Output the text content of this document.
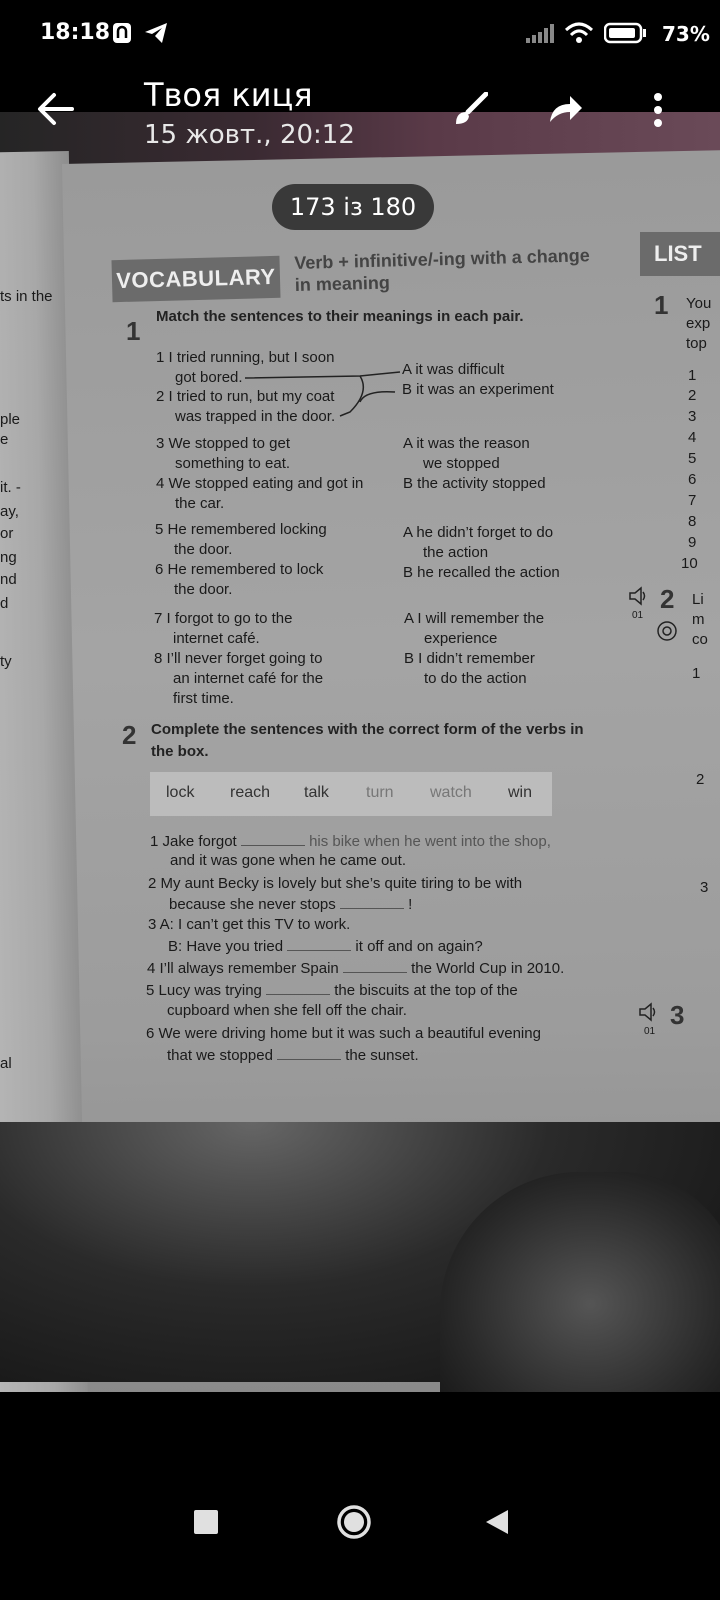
ts in the
ple
e
it. -
ay,
or
ng
nd
d
ty
al
VOCABULARY
Verb + infinitive/-ing with a change
in meaning
LIST
1 Match the sentences to their meanings in each pair.
1 I tried running, but I soon
got bored.
2 I tried to run, but my coat
was trapped in the door.
A it was difficult
B it was an experiment
3 We stopped to get
something to eat.
4 We stopped eating and got in
the car.
A it was the reason
we stopped
B the activity stopped
5 He remembered locking
the door.
6 He remembered to lock
the door.
A he didn’t forget to do
the action
B he recalled the action
7 I forgot to go to the
internet café.
8 I’ll never forget going to
an internet café for the
first time.
A I will remember the
experience
B I didn’t remember
to do the action
2 Complete the sentences with the correct form of the verbs in
the box.
lock reach talk turn watch win
1 Jake forgot	his bike when he went into the shop,
and it was gone when he came out.
2 My aunt Becky is lovely but she’s quite tiring to be with
because she never stops	!
3 A: I can’t get this TV to work.
B: Have you tried	it off and on again?
4 I’ll always remember Spain	the World Cup in 2010.
5 Lucy was trying	the biscuits at the top of the
cupboard when she fell off the chair.
6 We were driving home but it was such a beautiful evening
that we stopped	the sunset.
1 You
exp
top
1
2
3
4
5
6
7
8
9
10
01
2 Li
m
co
1
2
3
01
3
18:18	73%
Твоя киця
15 жовт., 20:12
173 із 180
